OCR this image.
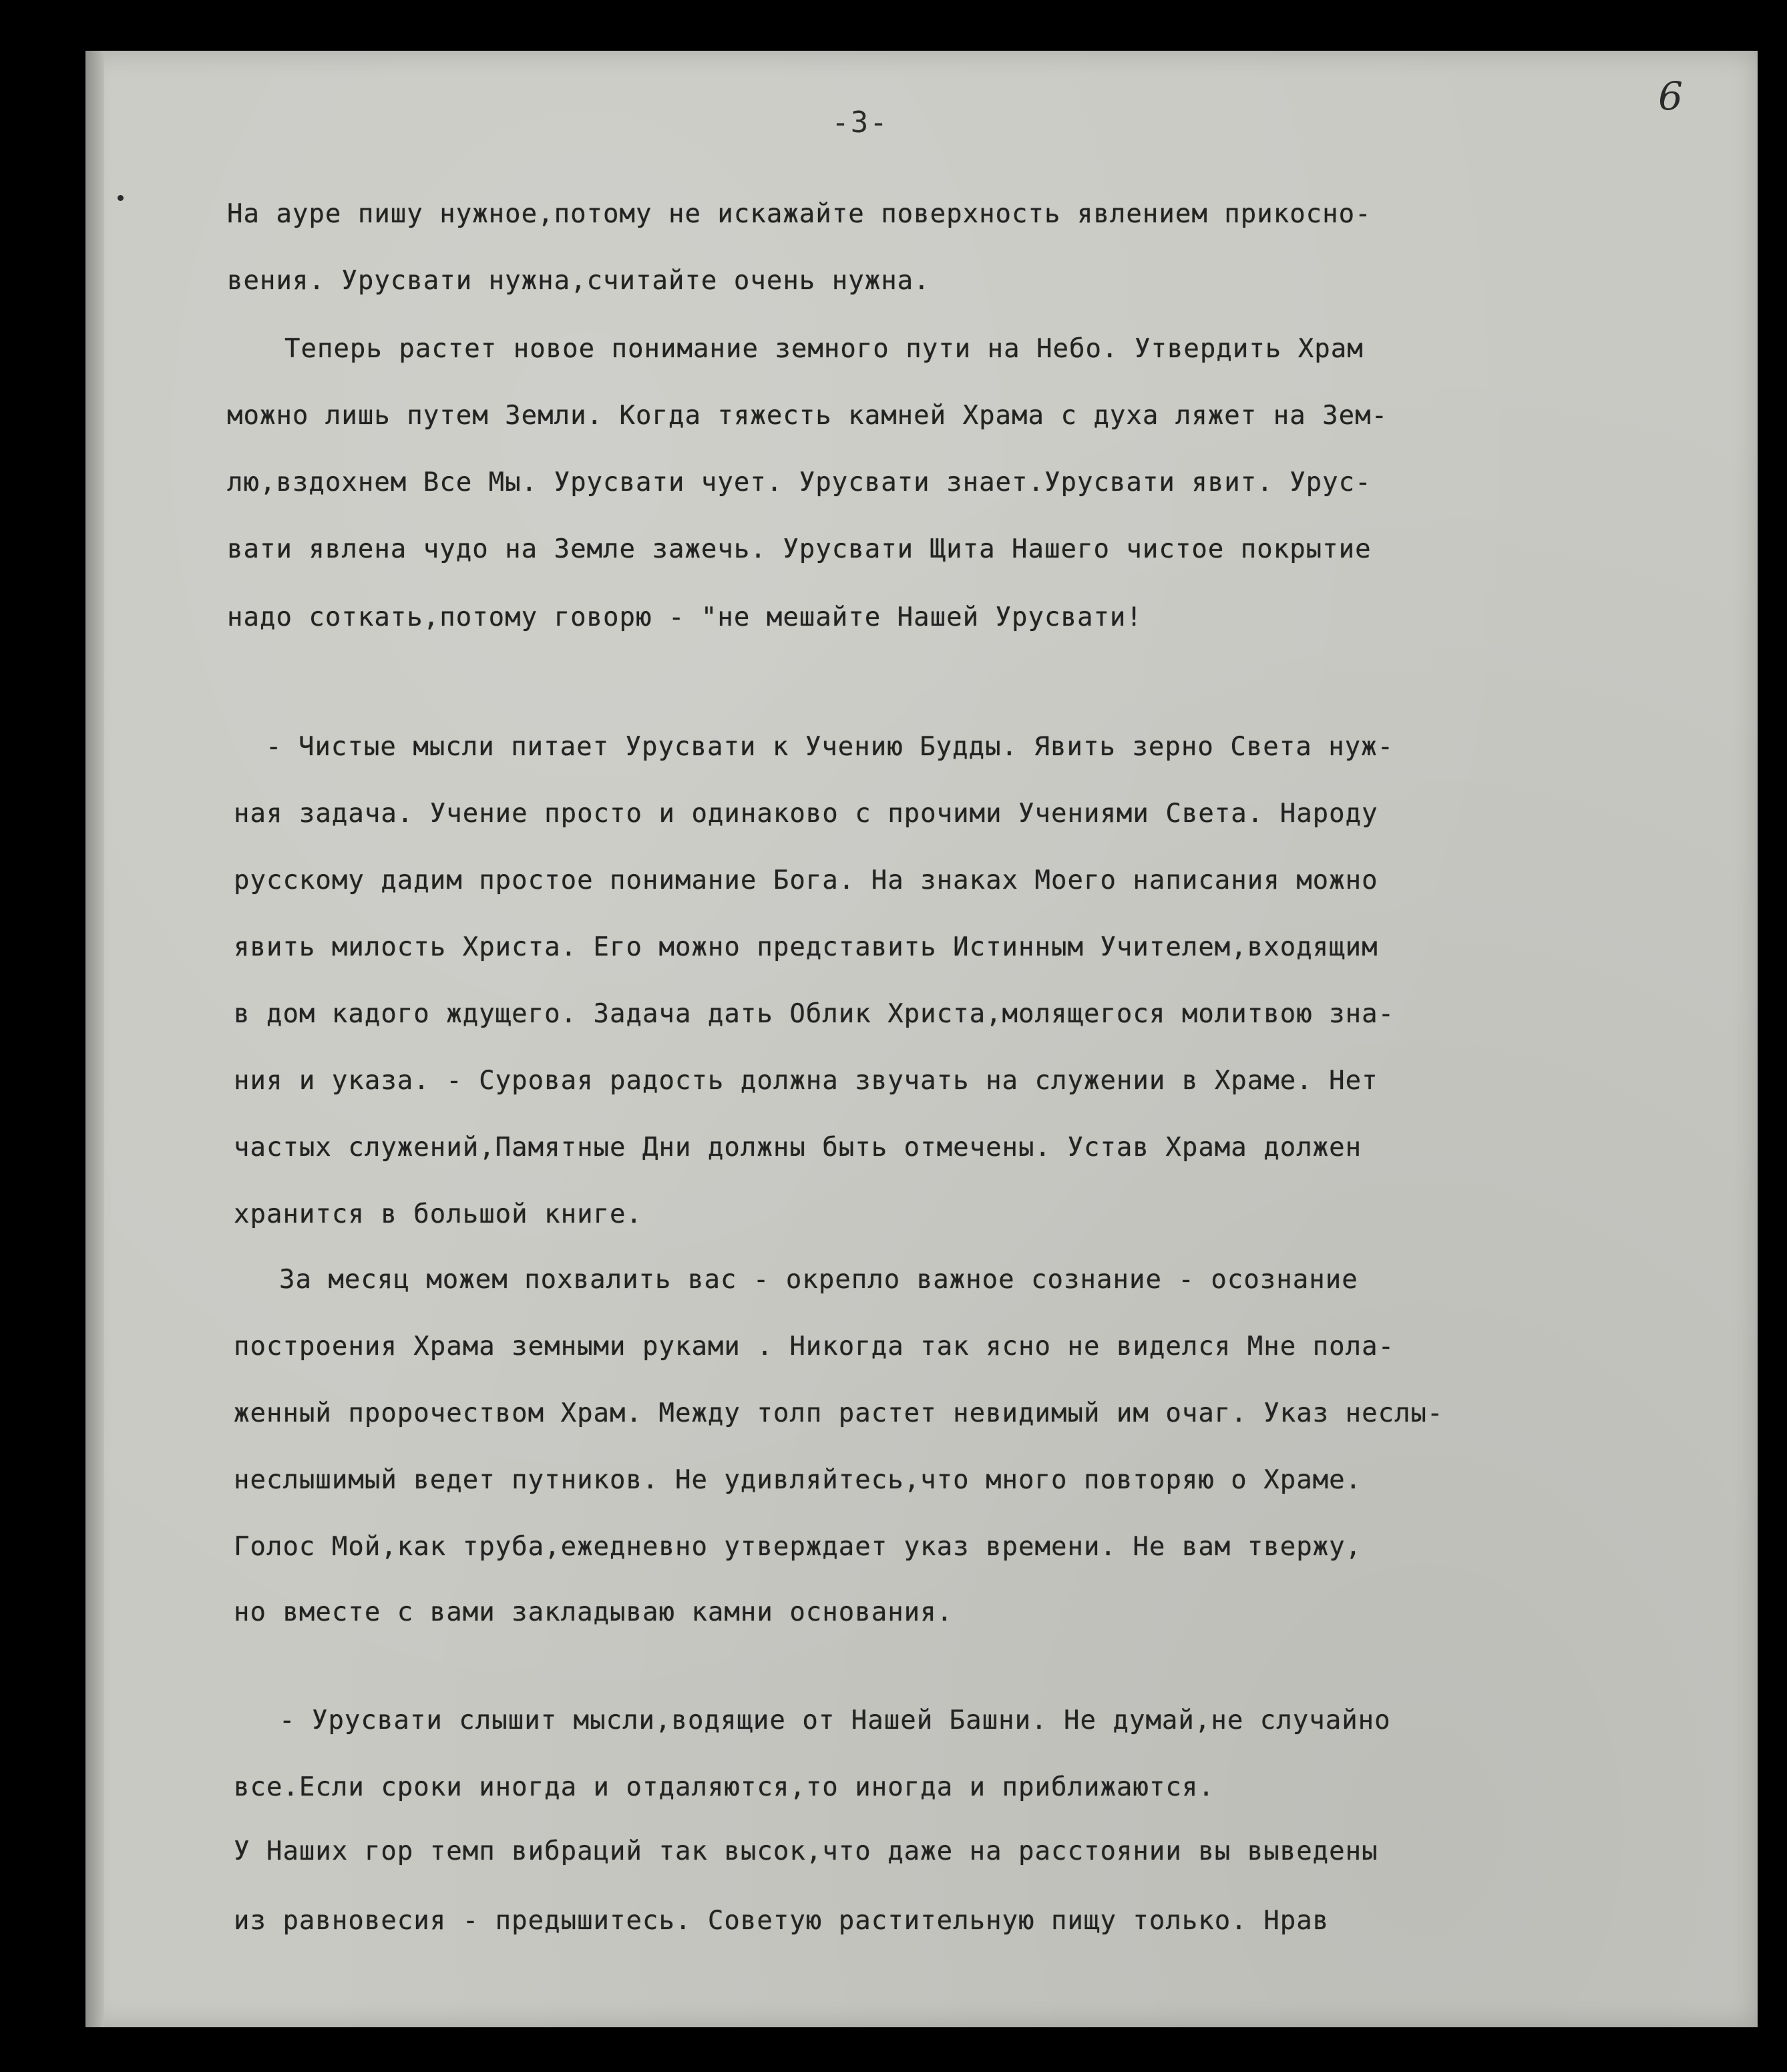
-3-
6
На ауре пишу нужное,потому не искажайте поверхность явлением прикосно-
вения. Урусвати нужна,считайте очень нужна.
Теперь растет новое понимание земного пути на Небо. Утвердить Храм
можно лишь путем Земли. Когда тяжесть камней Храма с духа ляжет на Зем-
лю,вздохнем Все Мы. Урусвати чует. Урусвати знает.Урусвати явит. Урус-
вати явлена чудо на Земле зажечь. Урусвати Щита Нашего чистое покрытие
надо соткать,потому говорю - "не мешайте Нашей Урусвати!
- Чистые мысли питает Урусвати к Учению Будды. Явить зерно Света нуж-
ная задача. Учение просто и одинаково с прочими Учениями Света. Народу
русскому дадим простое понимание Бога. На знаках Моего написания можно
явить милость Христа. Его можно представить Истинным Учителем,входящим
в дом кадого ждущего. Задача дать Облик Христа,молящегося молитвою зна-
ния и указа. - Суровая радость должна звучать на служении в Храме. Нет
частых служений,Памятные Дни должны быть отмечены. Устав Храма должен
хранится в большой книге.
За месяц можем похвалить вас - окрепло важное сознание - осознание
построения Храма земными руками . Никогда так ясно не виделся Мне пола-
женный пророчеством Храм. Между толп растет невидимый им очаг. Указ неслы-
неслышимый ведет путников. Не удивляйтесь,что много повторяю о Храме.
Голос Мой,как труба,ежедневно утверждает указ времени. Не вам твержу,
но вместе с вами закладываю камни основания.
- Урусвати слышит мысли,водящие от Нашей Башни. Не думай,не случайно
все.Если сроки иногда и отдаляются,то иногда и приближаются.
У Наших гор темп вибраций так высок,что даже на расстоянии вы выведены
из равновесия - предышитесь. Советую растительную пищу только. Нрав
